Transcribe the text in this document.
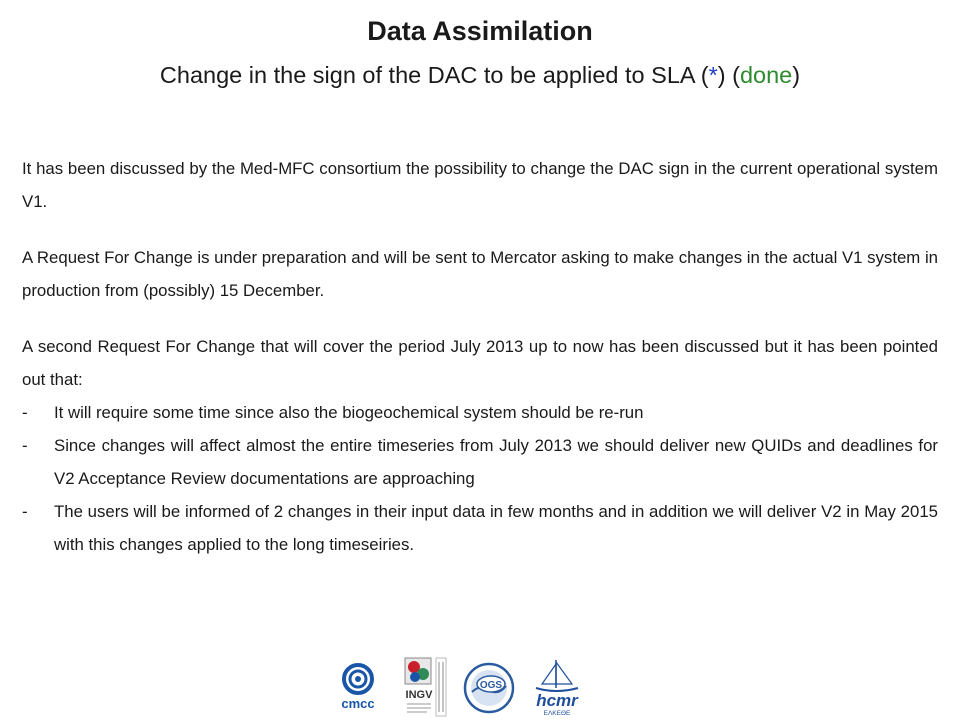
Data Assimilation
Change in the sign of the DAC to be applied to SLA (*) (done)

It has been discussed by the Med-MFC consortium the possibility to change the DAC sign in the current operational system V1.

A Request For Change is under preparation and will be sent to Mercator asking to make changes in the actual V1 system in production from (possibly) 15 December.

A second Request For Change that will cover the period July 2013 up to now has been discussed but it has been pointed out that:

- It will require some time since also the biogeochemical system should be re-run
- Since changes will affect almost the entire timeseries from July 2013 we should deliver new QUIDs and deadlines for V2 Acceptance Review documentations are approaching
- The users will be informed of 2 changes in their input data in few months and in addition we will deliver V2 in May 2015 with this changes applied to the long timeseiries.
cmcc
INGV
OGS
hcmr
ΕΛΚΕΘΕ
